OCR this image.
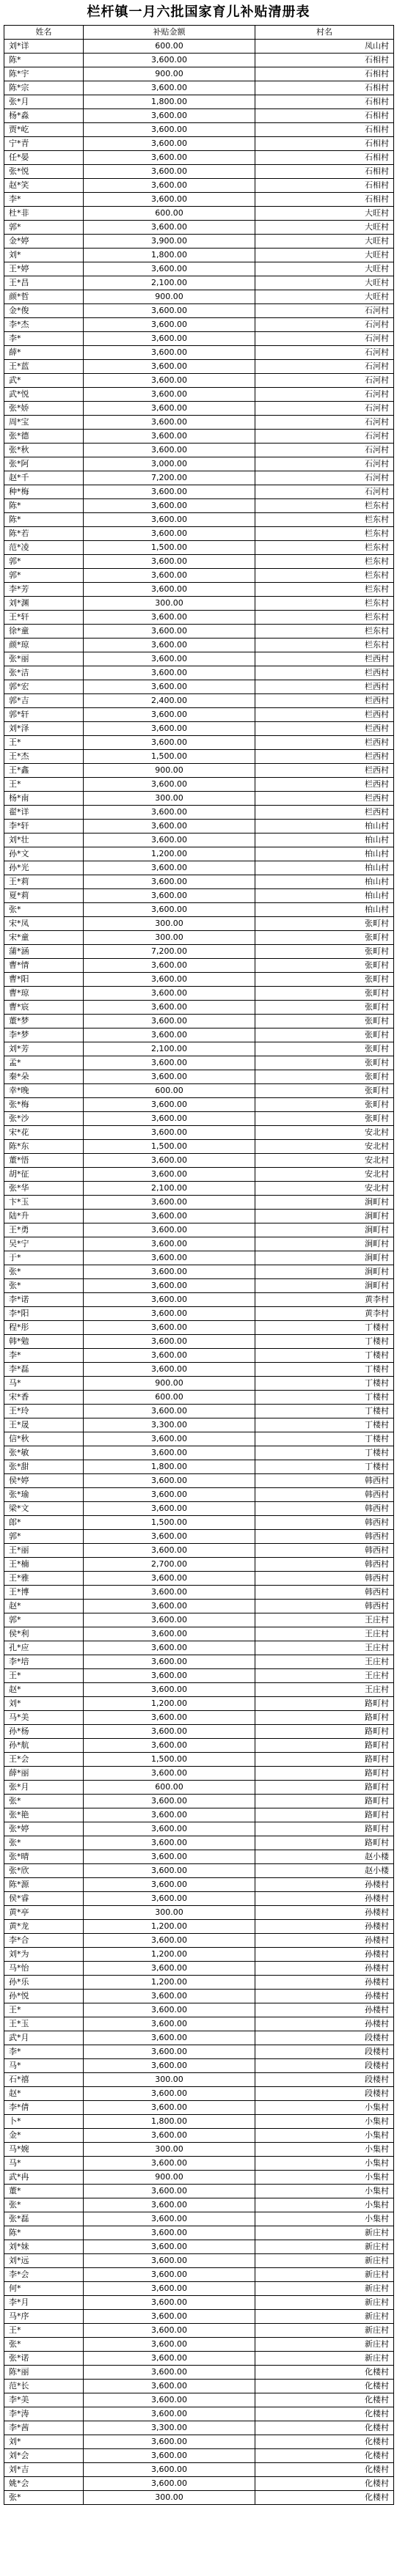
栏杆镇一月六批国家育儿补贴清册表
姓名	补贴金额	村名
刘*详	600.00	凤山村
陈*	3,600.00	石相村
陈*宇	900.00	石相村
陈*宗	3,600.00	石相村
张*月	1,800.00	石相村
杨*淼	3,600.00	石相村
贾*屹	3,600.00	石相村
宁*青	3,600.00	石相村
任*晏	3,600.00	石相村
张*悦	3,600.00	石相村
赵*笑	3,600.00	石相村
李*	3,600.00	石相村
杜*非	600.00	大旺村
郭*	3,600.00	大旺村
金*婷	3,900.00	大旺村
刘*	1,800.00	大旺村
王*婷	3,600.00	大旺村
王*昌	2,100.00	大旺村
颜*哲	900.00	大旺村
金*俊	3,600.00	石河村
李*杰	3,600.00	石河村
李*	3,600.00	石河村
薛*	3,600.00	石河村
王*蓝	3,600.00	石河村
武*	3,600.00	石河村
武*悦	3,600.00	石河村
张*娇	3,600.00	石河村
周*宝	3,600.00	石河村
张*德	3,600.00	石河村
张*秋	3,600.00	石河村
张*阿	3,000.00	石河村
赵*千	7,200.00	石河村
种*梅	3,600.00	石河村
陈*	3,600.00	栏东村
陈*	3,600.00	栏东村
陈*若	3,600.00	栏东村
范*凌	1,500.00	栏东村
郭*	3,600.00	栏东村
郭*	3,600.00	栏东村
李*芳	3,600.00	栏东村
刘*渊	300.00	栏东村
王*轩	3,600.00	栏东村
徐*童	3,600.00	栏东村
颜*琼	3,600.00	栏东村
张*丽	3,600.00	栏西村
张*洁	3,600.00	栏西村
郭*宏	3,600.00	栏西村
郭*吉	2,400.00	栏西村
郭*轩	3,600.00	栏西村
刘*泽	3,600.00	栏西村
王*	3,600.00	栏西村
王*杰	1,500.00	栏西村
王*鑫	900.00	栏西村
王*	3,600.00	栏西村
杨*南	300.00	栏西村
翟*详	3,600.00	栏西村
李*轩	3,600.00	柏山村
刘*壮	3,600.00	柏山村
孙*文	1,200.00	柏山村
孙*光	3,600.00	柏山村
王*莉	3,600.00	柏山村
夏*莉	3,600.00	柏山村
张*	3,600.00	柏山村
宋*凤	300.00	张町村
宋*童	300.00	张町村
蒲*涵	7,200.00	张町村
曹*情	3,600.00	张町村
曹*阳	3,600.00	张町村
曹*琼	3,600.00	张町村
曹*宸	3,600.00	张町村
董*梦	3,600.00	张町村
李*梦	3,600.00	张町村
刘*芳	2,100.00	张町村
孟*	3,600.00	张町村
秦*朵	3,600.00	张町村
幸*晚	600.00	张町村
张*梅	3,600.00	张町村
张*沙	3,600.00	张町村
宋*花	3,600.00	安北村
陈*东	1,500.00	安北村
董*悟	3,600.00	安北村
胡*征	3,600.00	安北村
张*华	2,100.00	安北村
卞*玉	3,600.00	涧町村
陆*升	3,600.00	涧町村
王*勇	3,600.00	涧町村
吴*宁	3,600.00	涧町村
于*	3,600.00	涧町村
张*	3,600.00	涧町村
张*	3,600.00	涧町村
李*诺	3,600.00	黄李村
李*阳	3,600.00	黄李村
程*彤	3,600.00	丁楼村
韩*勉	3,600.00	丁楼村
李*	3,600.00	丁楼村
李*磊	3,600.00	丁楼村
马*	900.00	丁楼村
宋*香	600.00	丁楼村
王*玲	3,600.00	丁楼村
王*晟	3,300.00	丁楼村
信*秋	3,600.00	丁楼村
张*敏	3,600.00	丁楼村
张*甜	1,800.00	丁楼村
侯*婷	3,600.00	韩西村
张*瑜	3,600.00	韩西村
梁*文	3,600.00	韩西村
郎*	1,500.00	韩西村
郭*	3,600.00	韩西村
王*丽	3,600.00	韩西村
王*楠	2,700.00	韩西村
王*雅	3,600.00	韩西村
王*博	3,600.00	韩西村
赵*	3,600.00	韩西村
郭*	3,600.00	王庄村
侯*利	3,600.00	王庄村
孔*应	3,600.00	王庄村
李*培	3,600.00	王庄村
王*	3,600.00	王庄村
赵*	3,600.00	王庄村
刘*	1,200.00	路町村
马*美	3,600.00	路町村
孙*杨	3,600.00	路町村
孙*航	3,600.00	路町村
王*会	1,500.00	路町村
薛*丽	3,600.00	路町村
张*月	600.00	路町村
张*	3,600.00	路町村
张*艳	3,600.00	路町村
张*婷	3,600.00	路町村
张*	3,600.00	路町村
张*晴	3,600.00	赵小楼
张*欣	3,600.00	赵小楼
陈*源	3,600.00	孙楼村
侯*睿	3,600.00	孙楼村
黄*亭	300.00	孙楼村
黄*龙	1,200.00	孙楼村
李*合	3,600.00	孙楼村
刘*为	1,200.00	孙楼村
马*怡	3,600.00	孙楼村
孙*乐	1,200.00	孙楼村
孙*悦	3,600.00	孙楼村
王*	3,600.00	孙楼村
王*玉	3,600.00	孙楼村
武*月	3,600.00	段楼村
李*	3,600.00	段楼村
马*	3,600.00	段楼村
石*禧	300.00	段楼村
赵*	3,600.00	段楼村
李*倩	3,600.00	小集村
卜*	1,800.00	小集村
金*	3,600.00	小集村
马*婉	300.00	小集村
马*	3,600.00	小集村
武*冉	900.00	小集村
董*	3,600.00	小集村
张*	3,600.00	小集村
张*磊	3,600.00	小集村
陈*	3,600.00	新庄村
刘*妹	3,600.00	新庄村
刘*远	3,600.00	新庄村
李*会	3,600.00	新庄村
何*	3,600.00	新庄村
李*月	3,600.00	新庄村
马*序	3,600.00	新庄村
王*	3,600.00	新庄村
张*	3,600.00	新庄村
张*诺	3,600.00	新庄村
陈*丽	3,600.00	化楼村
范*长	3,600.00	化楼村
李*美	3,600.00	化楼村
李*涛	3,600.00	化楼村
李*茜	3,300.00	化楼村
刘*	3,600.00	化楼村
刘*会	3,600.00	化楼村
刘*吉	3,600.00	化楼村
姚*会	3,600.00	化楼村
张*	300.00	化楼村
